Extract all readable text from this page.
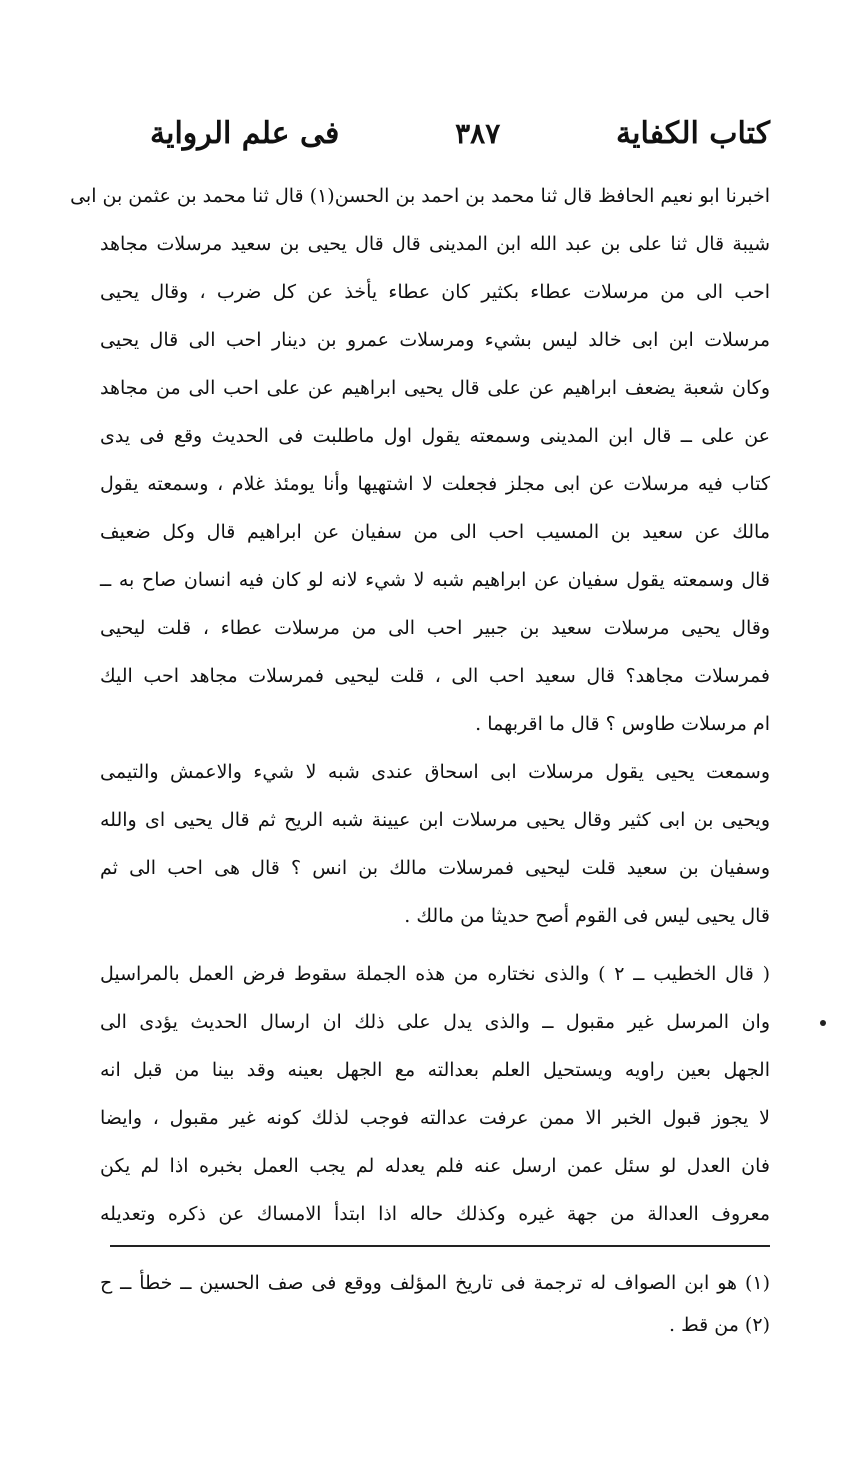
كتاب الكفاية
٣٨٧
فى علم الرواية
اخبرنا ابو نعيم الحافظ قال ثنا محمد بن احمد بن الحسن(١) قال ثنا محمد بن عثمن بن ابى
شيبة قال ثنا على بن عبد الله ابن المدينى قال قال يحيى بن سعيد مرسلات مجاهد
احب الى من مرسلات عطاء بكثير كان عطاء يأخذ عن كل ضرب ، وقال يحيى
مرسلات ابن ابى خالد ليس بشيء ومرسلات عمرو بن دينار احب الى قال يحيى
وكان شعبة يضعف ابراهيم عن على قال يحيى ابراهيم عن على احب الى من مجاهد
عن على ــ قال ابن المدينى وسمعته يقول اول ماطلبت فى الحديث وقع فى يدى
كتاب فيه مرسلات عن ابى مجلز فجعلت لا اشتهيها وأنا يومئذ غلام ، وسمعته يقول
مالك عن سعيد بن المسيب احب الى من سفيان عن ابراهيم قال وكل ضعيف
قال وسمعته يقول سفيان عن ابراهيم شبه لا شيء لانه لو كان فيه انسان صاح به ــ
وقال يحيى مرسلات سعيد بن جبير احب الى من مرسلات عطاء ، قلت ليحيى
فمرسلات مجاهد؟ قال سعيد احب الى ، قلت ليحيى فمرسلات مجاهد احب اليك
ام مرسلات طاوس ؟ قال ما اقربهما .
وسمعت يحيى يقول مرسلات ابى اسحاق عندى شبه لا شيء والاعمش والتيمى
ويحيى بن ابى كثير وقال يحيى مرسلات ابن عيينة شبه الريح ثم قال يحيى اى والله
وسفيان بن سعيد قلت ليحيى فمرسلات مالك بن انس ؟ قال هى احب الى ثم
قال يحيى ليس فى القوم أصح حديثا من مالك .
( قال الخطيب ــ ٢ ) والذى نختاره من هذه الجملة سقوط فرض العمل بالمراسيل
وان المرسل غير مقبول ــ والذى يدل على ذلك ان ارسال الحديث يؤدى الى
الجهل بعين راويه ويستحيل العلم بعدالته مع الجهل بعينه وقد بينا من قبل انه
لا يجوز قبول الخبر الا ممن عرفت عدالته فوجب لذلك كونه غير مقبول ، وايضا
فان العدل لو سئل عمن ارسل عنه فلم يعدله لم يجب العمل بخبره اذا لم يكن
معروف العدالة من جهة غيره وكذلك حاله اذا ابتدأ الامساك عن ذكره وتعديله
(١) هو ابن الصواف له ترجمة فى تاريخ المؤلف ووقع فى صف الحسين ــ خطأ ــ ح
(٢) من قط .
